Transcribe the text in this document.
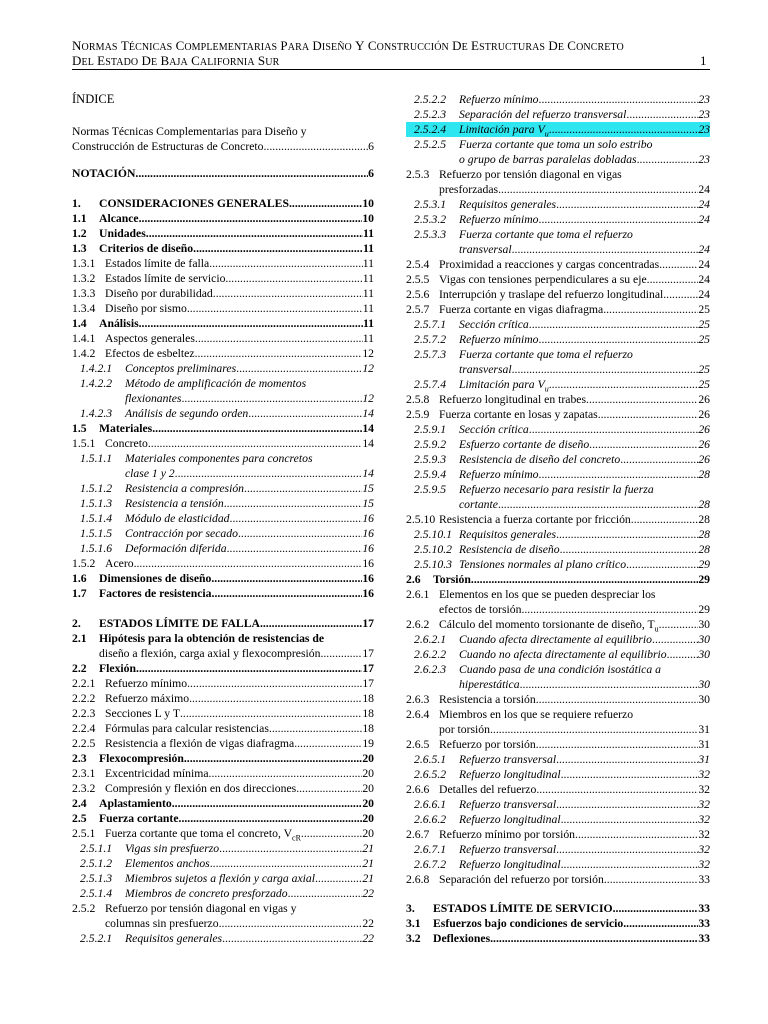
NORMAS TÉCNICAS COMPLEMENTARIAS PARA DISEÑO Y CONSTRUCCIÓN DE ESTRUCTURAS DE CONCRETO
DEL ESTADO DE BAJA CALIFORNIA SUR	1
ÍNDICE
Normas Técnicas Complementarias para Diseño y
Construcción de Estructuras de Concreto .....	6
NOTACIÓN .....	6
1. CONSIDERACIONES GENERALES .....	10
1.1 Alcance .....	10
1.2 Unidades .....	11
1.3 Criterios de diseño .....	11
1.3.1 Estados límite de falla .....	11
1.3.2 Estados límite de servicio .....	11
1.3.3 Diseño por durabilidad .....	11
1.3.4 Diseño por sismo .....	11
1.4 Análisis .....	11
1.4.1 Aspectos generales .....	11
1.4.2 Efectos de esbeltez .....	12
1.4.2.1 Conceptos preliminares .....	12
1.4.2.2 Método de amplificación de momentos
flexionantes .....	12
1.4.2.3 Análisis de segundo orden .....	14
1.5 Materiales .....	14
1.5.1 Concreto .....	14
1.5.1.1 Materiales componentes para concretos
clase 1 y 2 .....	14
1.5.1.2 Resistencia a compresión .....	15
1.5.1.3 Resistencia a tensión .....	15
1.5.1.4 Módulo de elasticidad .....	16
1.5.1.5 Contracción por secado .....	16
1.5.1.6 Deformación diferida .....	16
1.5.2 Acero .....	16
1.6 Dimensiones de diseño .....	16
1.7 Factores de resistencia .....	16
2. ESTADOS LÍMITE DE FALLA .....	17
2.1 Hipótesis para la obtención de resistencias de
diseño a flexión, carga axial y flexocompresión .....	17
2.2 Flexión .....	17
2.2.1 Refuerzo mínimo .....	17
2.2.2 Refuerzo máximo .....	18
2.2.3 Secciones L y T .....	18
2.2.4 Fórmulas para calcular resistencias .....	18
2.2.5 Resistencia a flexión de vigas diafragma .....	19
2.3 Flexocompresión .....	20
2.3.1 Excentricidad mínima .....	20
2.3.2 Compresión y flexión en dos direcciones .....	20
2.4 Aplastamiento .....	20
2.5 Fuerza cortante .....	20
2.5.1 Fuerza cortante que toma el concreto, $V_{cR}$ .....	20
2.5.1.1 Vigas sin presfuerzo .....	21
2.5.1.2 Elementos anchos .....	21
2.5.1.3 Miembros sujetos a flexión y carga axial .....	21
2.5.1.4 Miembros de concreto presforzado .....	22
2.5.2 Refuerzo por tensión diagonal en vigas y
columnas sin presfuerzo .....	22
2.5.2.1 Requisitos generales .....	22
2.5.2.2 Refuerzo mínimo .....	23
2.5.2.3 Separación del refuerzo transversal .....	23
2.5.2.4 Limitación para $V_u$ .....	23
2.5.2.5 Fuerza cortante que toma un solo estribo
o grupo de barras paralelas dobladas .....	23
2.5.3 Refuerzo por tensión diagonal en vigas
presforzadas .....	24
2.5.3.1 Requisitos generales .....	24
2.5.3.2 Refuerzo mínimo .....	24
2.5.3.3 Fuerza cortante que toma el refuerzo
transversal .....	24
2.5.4 Proximidad a reacciones y cargas concentradas .....	24
2.5.5 Vigas con tensiones perpendiculares a su eje .....	24
2.5.6 Interrupción y traslape del refuerzo longitudinal .....	24
2.5.7 Fuerza cortante en vigas diafragma .....	25
2.5.7.1 Sección crítica .....	25
2.5.7.2 Refuerzo mínimo .....	25
2.5.7.3 Fuerza cortante que toma el refuerzo
transversal .....	25
2.5.7.4 Limitación para $V_u$ .....	25
2.5.8 Refuerzo longitudinal en trabes .....	26
2.5.9 Fuerza cortante en losas y zapatas .....	26
2.5.9.1 Sección crítica .....	26
2.5.9.2 Esfuerzo cortante de diseño .....	26
2.5.9.3 Resistencia de diseño del concreto .....	26
2.5.9.4 Refuerzo mínimo .....	28
2.5.9.5 Refuerzo necesario para resistir la fuerza
cortante .....	28
2.5.10 Resistencia a fuerza cortante por fricción .....	28
2.5.10.1 Requisitos generales .....	28
2.5.10.2 Resistencia de diseño .....	28
2.5.10.3 Tensiones normales al plano crítico .....	29
2.6 Torsión .....	29
2.6.1 Elementos en los que se pueden despreciar los
efectos de torsión .....	29
2.6.2 Cálculo del momento torsionante de diseño, $T_u$ .....	30
2.6.2.1 Cuando afecta directamente al equilibrio .....	30
2.6.2.2 Cuando no afecta directamente al equilibrio .....	30
2.6.2.3 Cuando pasa de una condición isostática a
hiperestática .....	30
2.6.3 Resistencia a torsión .....	30
2.6.4 Miembros en los que se requiere refuerzo
por torsión .....	31
2.6.5 Refuerzo por torsión .....	31
2.6.5.1 Refuerzo transversal .....	31
2.6.5.2 Refuerzo longitudinal .....	32
2.6.6 Detalles del refuerzo .....	32
2.6.6.1 Refuerzo transversal .....	32
2.6.6.2 Refuerzo longitudinal .....	32
2.6.7 Refuerzo mínimo por torsión .....	32
2.6.7.1 Refuerzo transversal .....	32
2.6.7.2 Refuerzo longitudinal .....	32
2.6.8 Separación del refuerzo por torsión .....	33
3. ESTADOS LÍMITE DE SERVICIO .....	33
3.1 Esfuerzos bajo condiciones de servicio .....	33
3.2 Deflexiones .....	33
